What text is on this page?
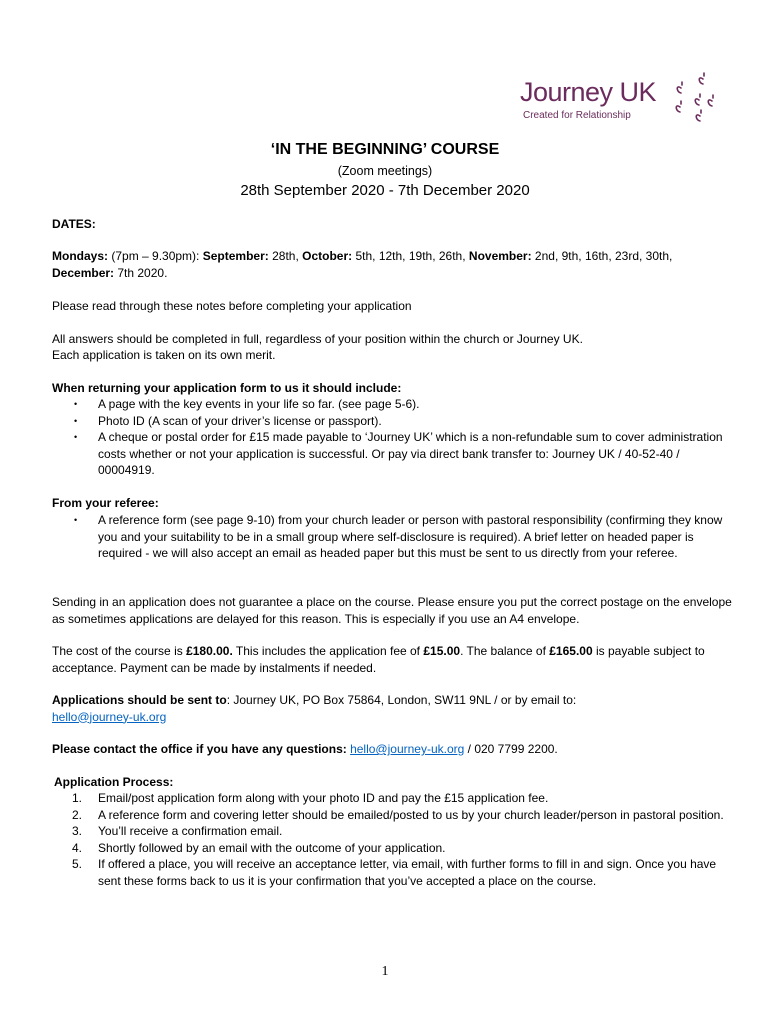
Journey UK
Created for Relationship
‘IN THE BEGINNING’ COURSE
(Zoom meetings)
28th September 2020 - 7th December 2020
DATES:
Mondays: (7pm – 9.30pm): September: 28th, October: 5th, 12th, 19th, 26th, November: 2nd, 9th, 16th, 23rd, 30th,
December: 7th 2020.
Please read through these notes before completing your application
All answers should be completed in full, regardless of your position within the church or Journey UK.
Each application is taken on its own merit.
When returning your application form to us it should include:
• A page with the key events in your life so far. (see page 5-6).
• Photo ID (A scan of your driver’s license or passport).
• A cheque or postal order for £15 made payable to ‘Journey UK’ which is a non-refundable sum to cover administration costs whether or not your application is successful. Or pay via direct bank transfer to: Journey UK / 40-52-40 / 00004919.
From your referee:
• A reference form (see page 9-10) from your church leader or person with pastoral responsibility (confirming they know you and your suitability to be in a small group where self-disclosure is required). A brief letter on headed paper is required - we will also accept an email as headed paper but this must be sent to us directly from your referee.
Sending in an application does not guarantee a place on the course. Please ensure you put the correct postage on the envelope as sometimes applications are delayed for this reason. This is especially if you use an A4 envelope.
The cost of the course is £180.00. This includes the application fee of £15.00. The balance of £165.00 is payable subject to acceptance. Payment can be made by instalments if needed.
Applications should be sent to: Journey UK, PO Box 75864, London, SW11 9NL / or by email to:
hello@journey-uk.org
Please contact the office if you have any questions: hello@journey-uk.org / 020 7799 2200.
Application Process:
1. Email/post application form along with your photo ID and pay the £15 application fee.
2. A reference form and covering letter should be emailed/posted to us by your church leader/person in pastoral position.
3. You’ll receive a confirmation email.
4. Shortly followed by an email with the outcome of your application.
5. If offered a place, you will receive an acceptance letter, via email, with further forms to fill in and sign. Once you have sent these forms back to us it is your confirmation that you’ve accepted a place on the course.
1
